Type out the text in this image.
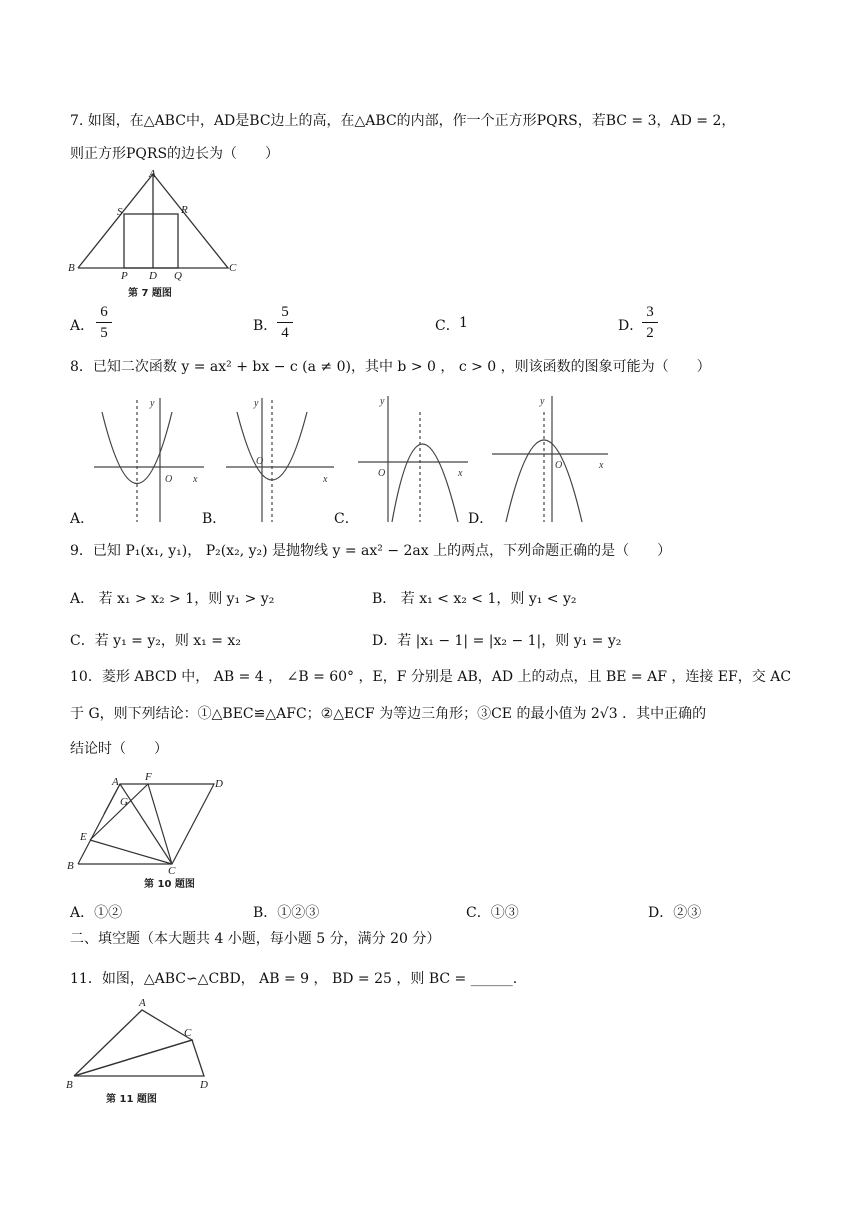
7. 如图，在△ABC中，AD是BC边上的高，在△ABC的内部，作一个正方形PQRS，若BC = 3，AD = 2，
则正方形PQRS的边长为（　　）
A
S	R
B
P D Q
C
第 7 题图
A．
6
5	B．
5
4	C． 1	D．
3
2
8．已知二次函数 y = ax² + bx − c (a ≠ 0)，其中 b > 0 ， c > 0 ，则该函数的图象可能为（　　）
y
x
O
y
x
O
y
x
O
y
x
O
A．	B．	C．	D．
9．已知 P₁(x₁, y₁)， P₂(x₂, y₂) 是抛物线 y = ax² − 2ax 上的两点，下列命题正确的是（　　）
A． 若 x₁ > x₂ > 1，则 y₁ > y₂	B． 若 x₁ < x₂ < 1，则 y₁ < y₂
C．若 y₁ = y₂，则 x₁ = x₂	D．若 |x₁ − 1| = |x₂ − 1|，则 y₁ = y₂
10．菱形 ABCD 中， AB = 4 ， ∠B = 60° ，E，F 分别是 AB，AD 上的动点，且 BE = AF ，连接 EF，交 AC
于 G，则下列结论：①△BEC≌△AFC；②△ECF 为等边三角形；③CE 的最小值为 2√3 ．其中正确的
结论时（　　）
A F
D
G
E
B	C
第 10 题图
A．①②	B．①②③	C．①③	D．②③
二、填空题（本大题共 4 小题，每小题 5 分，满分 20 分）
11．如图，△ABC∽△CBD， AB = 9 ， BD = 25 ，则 BC = ______.
A
C
B	D
第 11 题图
